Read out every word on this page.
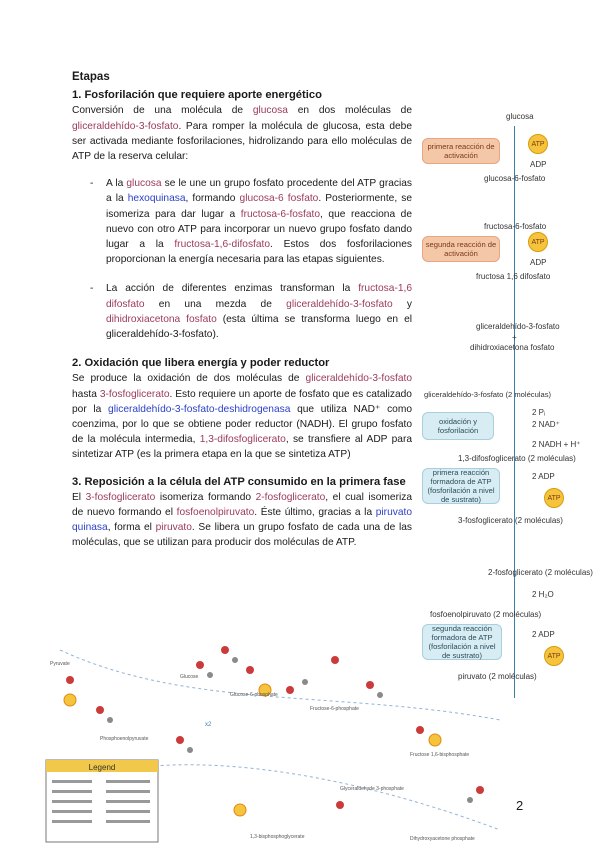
Etapas
1. Fosforilación que requiere aporte energético

Conversión de una molécula de glucosa en dos moléculas de gliceraldehído-3-fosfato. Para romper la molécula de glucosa, esta debe ser activada mediante fosforilaciones, hidrolizando para ello moléculas de ATP de la reserva celular:

- A la glucosa se le une un grupo fosfato procedente del ATP gracias a la hexoquinasa, formando glucosa-6 fosfato. Posteriormente, se isomeriza para dar lugar a fructosa-6-fosfato, que reacciona de nuevo con otro ATP para incorporar un nuevo grupo fosfato dando lugar a la fructosa-1,6-difosfato. Estos dos fosforilaciones proporcionan la energía necesaria para las etapas siguientes.
- La acción de diferentes enzimas transforman la fructosa-1,6 difosfato en una mezda de gliceraldehído-3-fosfato y dihidroxiacetona fosfato (esta última se transforma luego en el gliceraldehído-3-fosfato).
2. Oxidación que libera energía y poder reductor

Se produce la oxidación de dos moléculas de gliceraldehído-3-fosfato hasta 3-fosfoglicerato. Esto requiere un aporte de fosfato que es catalizado por la gliceraldehído-3-fosfato-deshidrogenasa que utiliza NAD⁺ como coenzima, por lo que se obtiene poder reductor (NADH). El grupo fosfato de la molécula intermedia, 1,3-difosfoglicerato, se transfiere al ADP para sintetizar ATP (es la primera etapa en la que se sintetiza ATP)

3. Reposición a la célula del ATP consumido en la primera fase

El 3-fosfoglicerato isomeriza formando 2-fosfoglicerato, el cual isomeriza de nuevo formando el fosfoenolpiruvato. Éste último, gracias a la piruvato quinasa, forma el piruvato. Se libera un grupo fosfato de cada una de las moléculas, que se utilizan para producir dos moléculas de ATP.

glucosa
primera reacción de activación
ATP
ADP
glucosa-6-fosfato
fructosa-6-fosfato
segunda reacción de activación
ATP
ADP
fructosa 1,6 difosfato
gliceraldehído-3-fosfato
+
dihidroxiacetona fosfato
gliceraldehído-3-fosfato (2 moléculas)
oxidación y fosforilación
2 Pᵢ
2 NAD⁺
2 NADH + H⁺
1,3-difosfoglicerato (2 moléculas)
primera reacción formadora de ATP (fosforilación a nivel de sustrato)
2 ADP
ATP
3-fosfoglicerato (2 moléculas)
2-fosfoglicerato (2 moléculas)
2 H₂O
fosfoenolpiruvato (2 moléculas)
segunda reacción formadora de ATP (fosforilación a nivel de sustrato)
2 ADP
ATP
piruvato (2 moléculas)
Legend
Glucose
Glucose-6-phosphate
Fructose-6-phosphate
Fructose 1,6-bisphosphate
1,3-bisphosphoglycerate	Dihydroxyacetone phosphate
Glyceraldehyde 3-phosphate
Phosphoenolpyruvate
Pyruvate
x2
2
